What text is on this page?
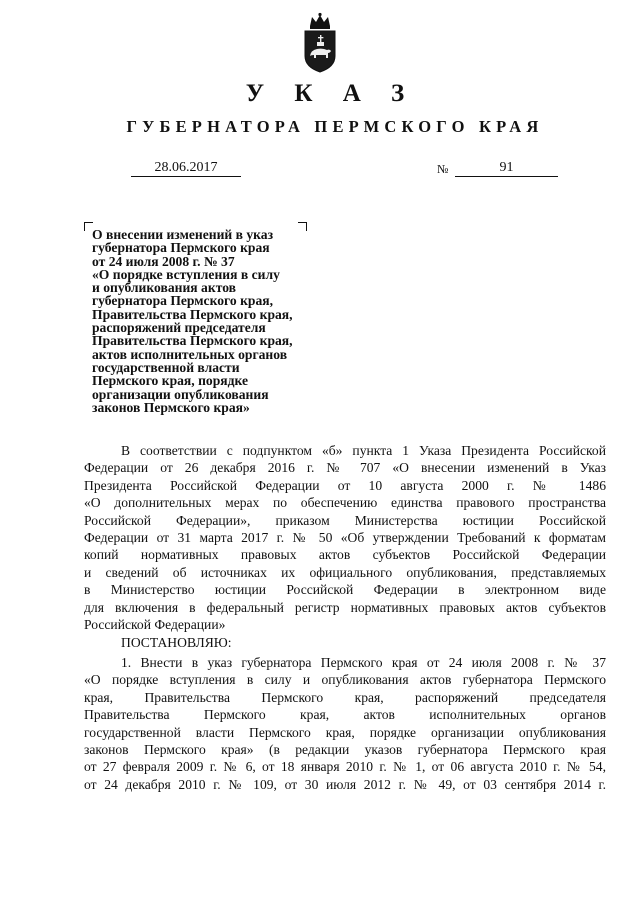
У К А З
ГУБЕРНАТОРА ПЕРМСКОГО КРАЯ
28.06.2017	№	91
О внесении изменений в указ
губернатора Пермского края
от 24 июля 2008 г. № 37
«О порядке вступления в силу
и опубликования актов
губернатора Пермского края,
Правительства Пермского края,
распоряжений председателя
Правительства Пермского края,
актов исполнительных органов
государственной власти
Пермского края, порядке
организации опубликования
законов Пермского края»
В соответствии с подпунктом «б» пункта 1 Указа Президента Российской
Федерации от 26 декабря 2016 г. № 707 «О внесении изменений в Указ
Президента Российской Федерации от 10 августа 2000 г. № 1486
«О дополнительных мерах по обеспечению единства правового пространства
Российской Федерации», приказом Министерства юстиции Российской
Федерации от 31 марта 2017 г. № 50 «Об утверждении Требований к форматам
копий нормативных правовых актов субъектов Российской Федерации
и сведений об источниках их официального опубликования, представляемых
в Министерство юстиции Российской Федерации в электронном виде
для включения в федеральный регистр нормативных правовых актов субъектов
Российской Федерации»
ПОСТАНОВЛЯЮ:
1. Внести в указ губернатора Пермского края от 24 июля 2008 г. № 37
«О порядке вступления в силу и опубликования актов губернатора Пермского
края, Правительства Пермского края, распоряжений председателя
Правительства Пермского края, актов исполнительных органов
государственной власти Пермского края, порядке организации опубликования
законов Пермского края» (в редакции указов губернатора Пермского края
от 27 февраля 2009 г. № 6, от 18 января 2010 г. № 1, от 06 августа 2010 г. № 54,
от 24 декабря 2010 г. № 109, от 30 июля 2012 г. № 49, от 03 сентября 2014 г.
